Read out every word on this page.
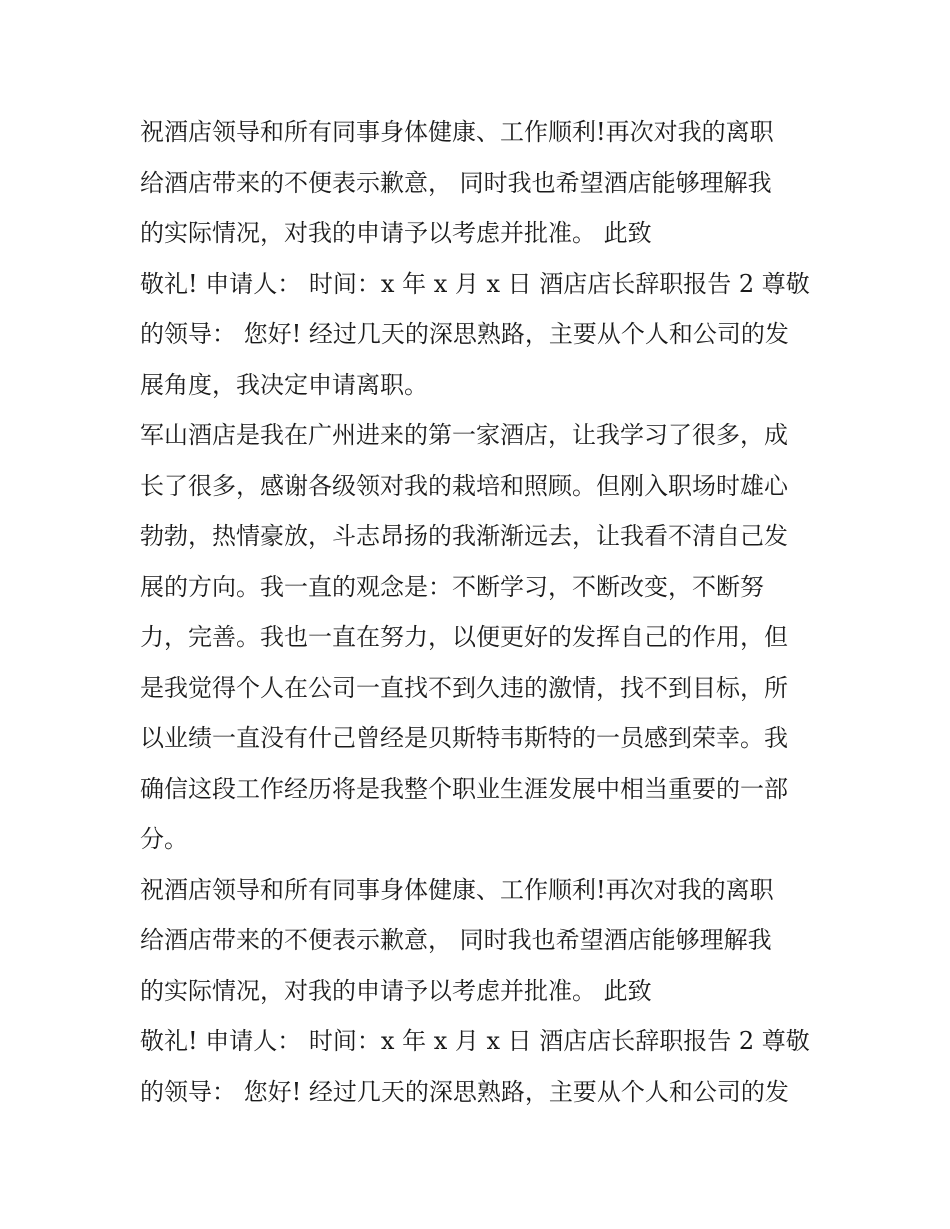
祝酒店领导和所有同事身体健康、工作顺利!再次对我的离职
给酒店带来的不便表示歉意， 同时我也希望酒店能够理解我
的实际情况，对我的申请予以考虑并批准。 此致
敬礼! 申请人： 时间：x 年 x 月 x 日 酒店店长辞职报告 2 尊敬
的领导： 您好! 经过几天的深思熟路，主要从个人和公司的发
展角度，我决定申请离职。
军山酒店是我在广州进来的第一家酒店，让我学习了很多，成
长了很多，感谢各级领对我的栽培和照顾。但刚入职场时雄心
勃勃，热情豪放，斗志昂扬的我渐渐远去，让我看不清自己发
展的方向。我一直的观念是：不断学习，不断改变，不断努
力，完善。我也一直在努力，以便更好的发挥自己的作用，但
是我觉得个人在公司一直找不到久违的激情，找不到目标，所
以业绩一直没有什己曾经是贝斯特韦斯特的一员感到荣幸。我
确信这段工作经历将是我整个职业生涯发展中相当重要的一部
分。
祝酒店领导和所有同事身体健康、工作顺利!再次对我的离职
给酒店带来的不便表示歉意， 同时我也希望酒店能够理解我
的实际情况，对我的申请予以考虑并批准。 此致
敬礼! 申请人： 时间：x 年 x 月 x 日 酒店店长辞职报告 2 尊敬
的领导： 您好! 经过几天的深思熟路，主要从个人和公司的发
